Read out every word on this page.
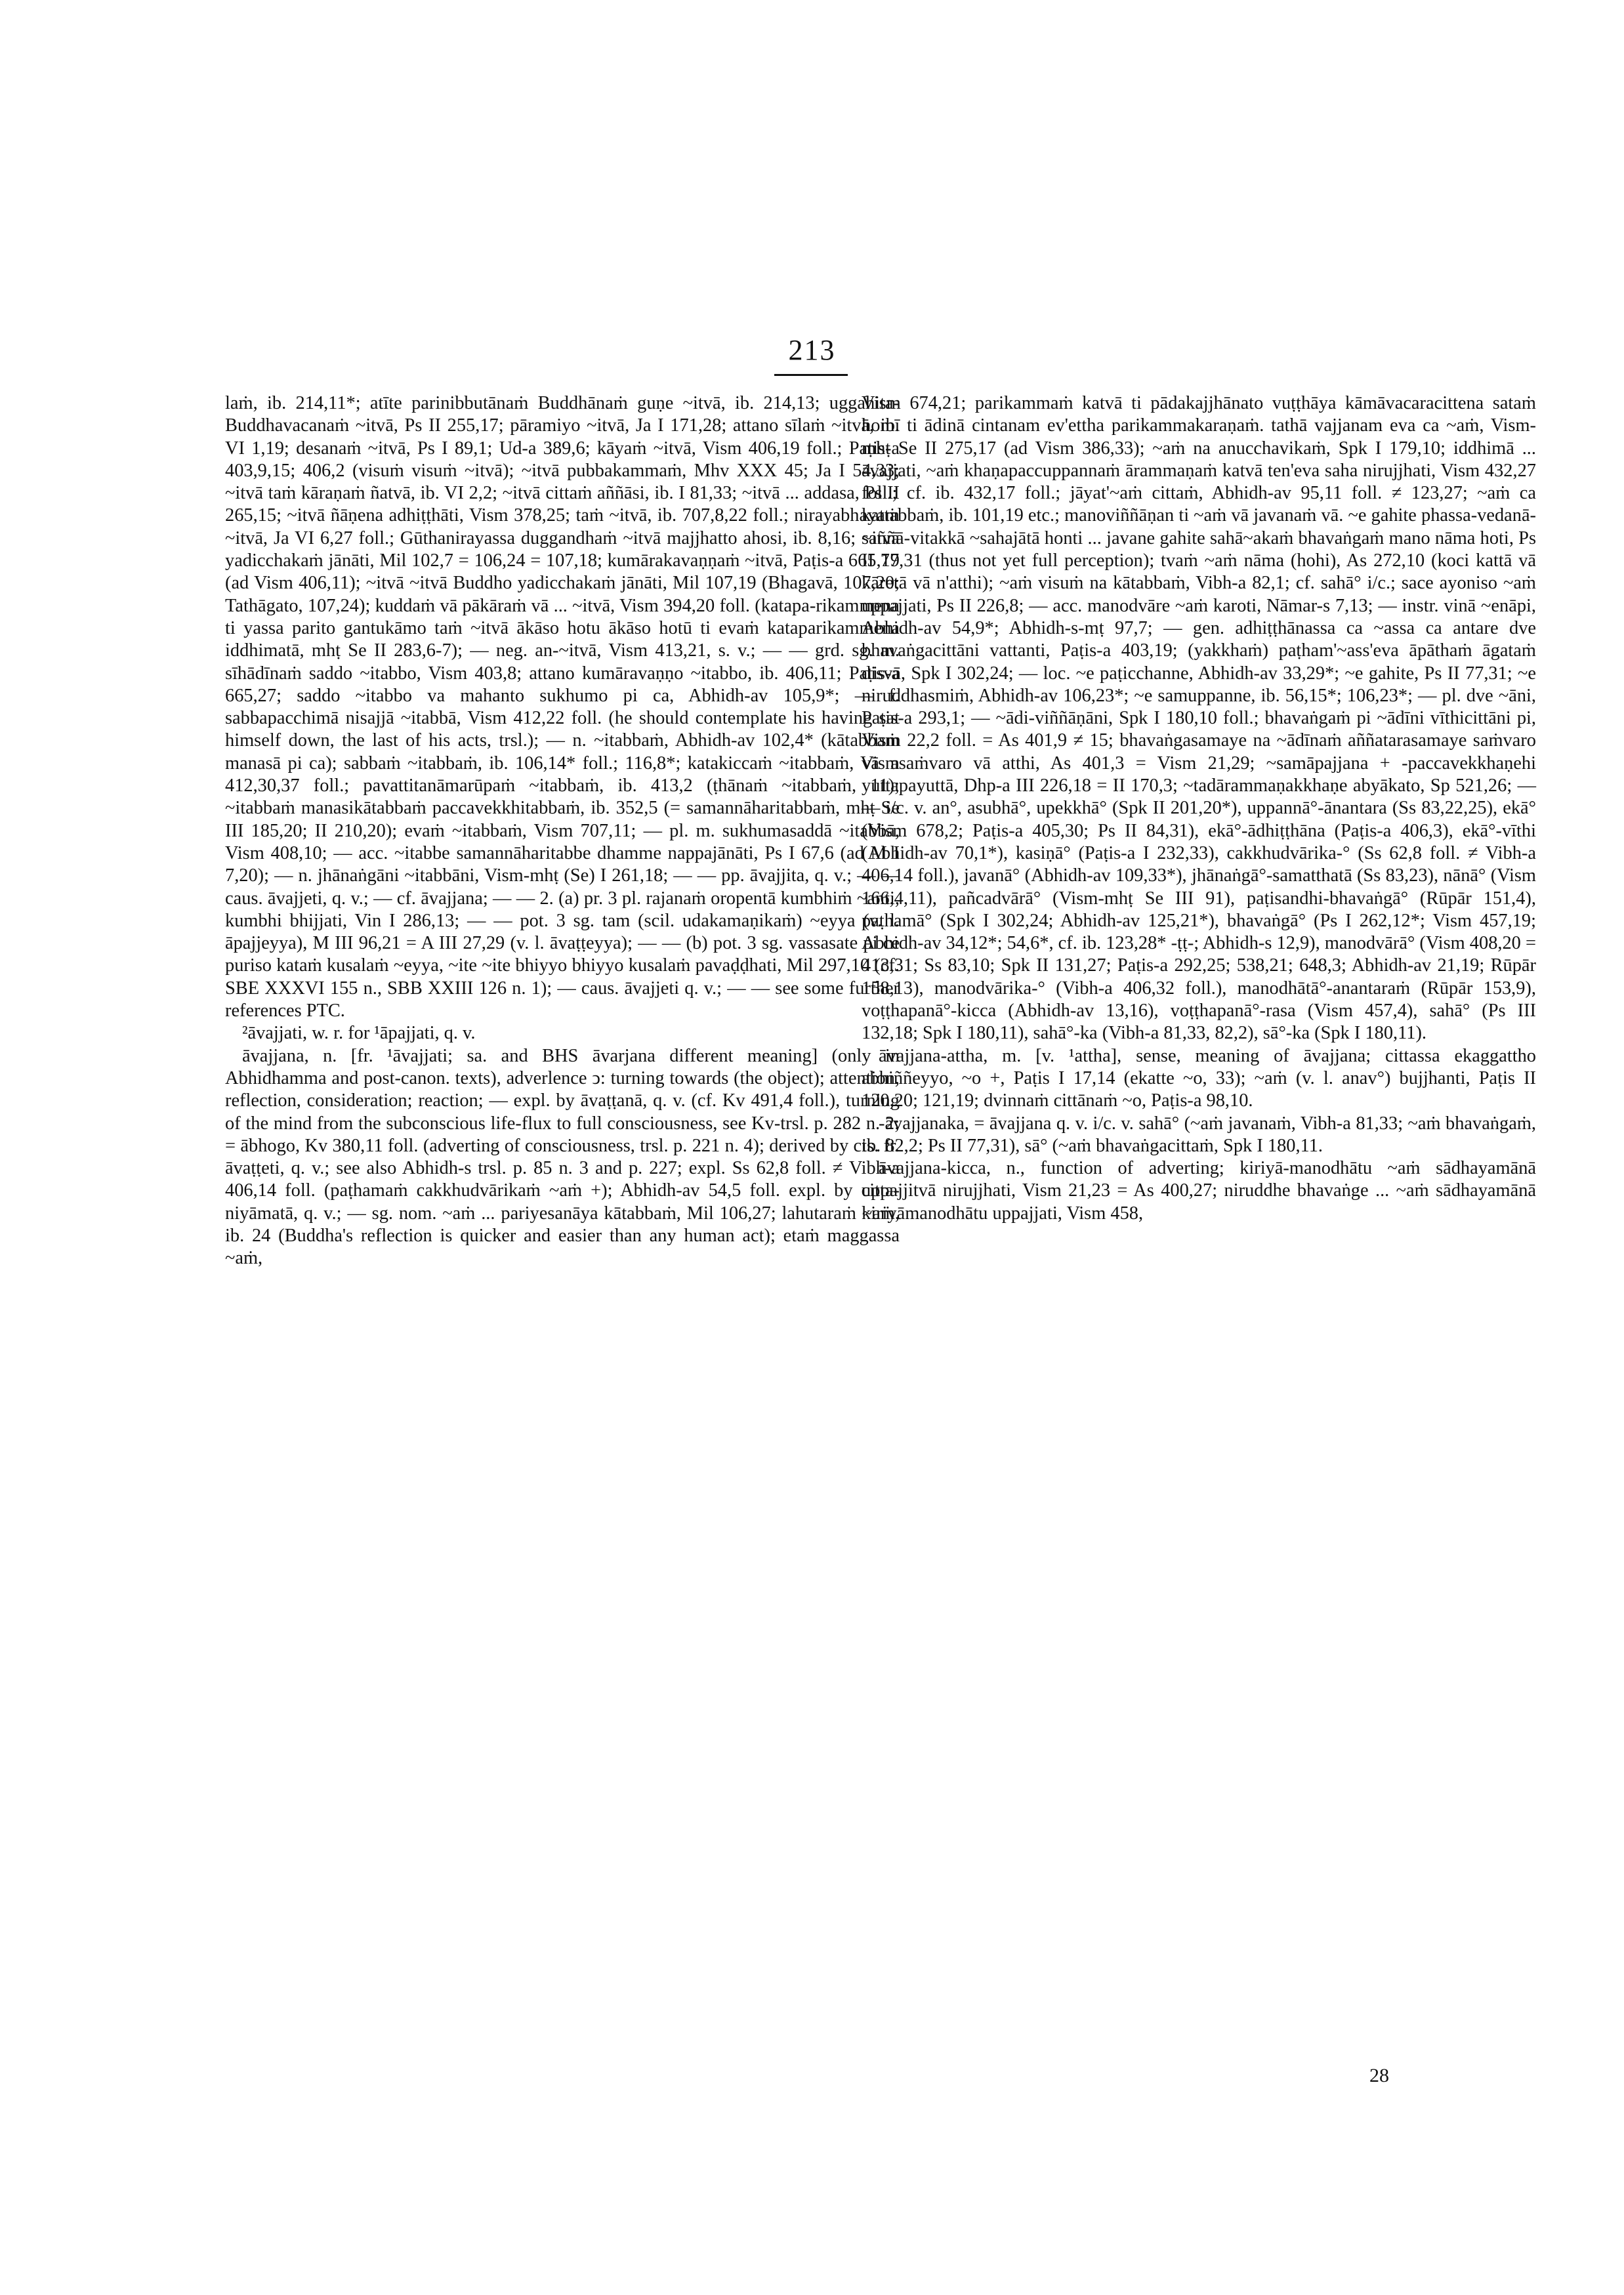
213

laṁ, ib. 214,11*; atīte parinibbutānaṁ Buddhānaṁ guṇe ~itvā, ib. 214,13; uggahita-Buddhavacanaṁ ~itvā, Ps II 255,17; pāramiyo ~itvā, Ja I 171,28; attano sīlaṁ ~itvā, ib. VI 1,19; desanaṁ ~itvā, Ps I 89,1; Ud-a 389,6; kāyaṁ ~itvā, Vism 406,19 foll.; Paṭis-a 403,9,15; 406,2 (visuṁ visuṁ ~itvā); ~itvā pubbakammaṁ, Mhv XXX 45; Ja I 54,33; ~itvā taṁ kāraṇaṁ ñatvā, ib. VI 2,2; ~itvā cittaṁ aññāsi, ib. I 81,33; ~itvā ... addasa, Ps II 265,15; ~itvā ñāṇena adhiṭṭhāti, Vism 378,25; taṁ ~itvā, ib. 707,8,22 foll.; nirayabhayaṁ ~itvā, Ja VI 6,27 foll.; Gūthanirayassa duggandhaṁ ~itvā majjhatto ahosi, ib. 8,16; ~itvā yadicchakaṁ jānāti, Mil 102,7 = 106,24 = 107,18; kumārakavaṇṇaṁ ~itvā, Paṭis-a 665,19 (ad Vism 406,11); ~itvā ~itvā Buddho yadicchakaṁ jānāti, Mil 107,19 (Bhagavā, 107,20; Tathāgato, 107,24); kuddaṁ vā pākāraṁ vā ... ~itvā, Vism 394,20 foll. (katapa-rikammena ti yassa parito gantukāmo taṁ ~itvā ākāso hotu ākāso hotū ti evaṁ kataparikammena iddhimatā, mhṭ Se II 283,6-7); — neg. an-~itvā, Vism 413,21, s. v.; — — grd. sg. m. sīhādīnaṁ saddo ~itabbo, Vism 403,8; attano kumāravaṇṇo ~itabbo, ib. 406,11; Paṭis-a 665,27; saddo ~itabbo va mahanto sukhumo pi ca, Abhidh-av 105,9*; — f. sabbapacchimā nisajjā ~itabbā, Vism 412,22 foll. (he should contemplate his having sat himself down, the last of his acts, trsl.); — n. ~itabbaṁ, Abhidh-av 102,4* (kātabbaṁ manasā pi ca); sabbaṁ ~itabbaṁ, ib. 106,14* foll.; 116,8*; katakiccaṁ ~itabbaṁ, Vism 412,30,37 foll.; pavattitanāmarūpaṁ ~itabbaṁ, ib. 413,2 (ṭhānaṁ ~itabbaṁ, 11); ~itabbaṁ manasikātabbaṁ paccavekkhitabbaṁ, ib. 352,5 (= samannāharitabbaṁ, mhṭ Se III 185,20; II 210,20); evaṁ ~itabbaṁ, Vism 707,11; — pl. m. sukhumasaddā ~itabbā, Vism 408,10; — acc. ~itabbe samannāharitabbe dhamme nappajānāti, Ps I 67,6 (ad M I 7,20); — n. jhānaṅgāni ~itabbāni, Vism-mhṭ (Se) I 261,18; — — pp. āvajjita, q. v.; — — caus. āvajjeti, q. v.; — cf. āvajjana; — — 2. (a) pr. 3 pl. rajanaṁ oropentā kumbhiṁ ~anti, kumbhi bhijjati, Vin I 286,13; — — pot. 3 sg. tam (scil. udakamaṇikaṁ) ~eyya (v. l. āpajjeyya), M III 96,21 = A III 27,29 (v. l. āvaṭṭeyya); — — (b) pot. 3 sg. vassasate pi ce puriso kataṁ kusalaṁ ~eyya, ~ite ~ite bhiyyo bhiyyo kusalaṁ pavaḍḍhati, Mil 297,10 (cf. SBE XXXVI 155 n., SBB XXIII 126 n. 1); — caus. āvajjeti q. v.; — — see some further references PTC.

²āvajjati, w. r. for ¹āpajjati, q. v.

āvajjana, n. [fr. ¹āvajjati; sa. and BHS āvarjana different meaning] (only in Abhidhamma and post-canon. texts), adverlence ↄ: turning towards (the object); attention, reflection, consideration; reaction; — expl. by āvaṭṭanā, q. v. (cf. Kv 491,4 foll.), turning of the mind from the subconscious life-flux to full consciousness, see Kv-trsl. p. 282 n. 2; = ābhogo, Kv 380,11 foll. (adverting of consciousness, trsl. p. 221 n. 4); derived by cts. fr. āvaṭṭeti, q. v.; see also Abhidh-s trsl. p. 85 n. 3 and p. 227; expl. Ss 62,8 foll. ≠ Vibh-a 406,14 foll. (paṭhamaṁ cakkhudvārikaṁ ~aṁ +); Abhidh-av 54,5 foll. expl. by citta-niyāmatā, q. v.; — sg. nom. ~aṁ ... pariyesanāya kātabbaṁ, Mil 106,27; lahutaraṁ ~aṁ, ib. 24 (Buddha's reflection is quicker and easier than any human act); etaṁ maggassa ~aṁ,

Vism 674,21; parikammaṁ katvā ti pādakajjhānato vuṭṭhāya kāmāvacaracittena sataṁ homī ti ādinā cintanam ev'ettha parikammakaraṇaṁ. tathā vajjanam eva ca ~aṁ, Vism-mhṭ Se II 275,17 (ad Vism 386,33); ~aṁ na anucchavikaṁ, Spk I 179,10; iddhimā ... āvajjati, ~aṁ khaṇapaccuppannaṁ ārammaṇaṁ katvā ten'eva saha nirujjhati, Vism 432,27 foll.; cf. ib. 432,17 foll.; jāyat'~aṁ cittaṁ, Abhidh-av 95,11 foll. ≠ 123,27; ~aṁ ca kattabbaṁ, ib. 101,19 etc.; manoviññāṇan ti ~aṁ vā javanaṁ vā. ~e gahite phassa-vedanā-saññā-vitakkā ~sahajātā honti ... javane gahite sahā~akaṁ bhavaṅgaṁ mano nāma hoti, Ps II 77,31 (thus not yet full perception); tvaṁ ~aṁ nāma (hohi), As 272,10 (koci kattā vā kāretā vā n'atthi); ~aṁ visuṁ na kātabbaṁ, Vibh-a 82,1; cf. sahā° i/c.; sace ayoniso ~aṁ uppajjati, Ps II 226,8; — acc. manodvāre ~aṁ karoti, Nāmar-s 7,13; — instr. vinā ~enāpi, Abhidh-av 54,9*; Abhidh-s-mṭ 97,7; — gen. adhiṭṭhānassa ca ~assa ca antare dve bhavaṅgacittāni vattanti, Paṭis-a 403,19; (yakkhaṁ) paṭham'~ass'eva āpāthaṁ āgataṁ disvā, Spk I 302,24; — loc. ~e paṭicchanne, Abhidh-av 33,29*; ~e gahite, Ps II 77,31; ~e niruddhasmiṁ, Abhidh-av 106,23*; ~e samuppanne, ib. 56,15*; 106,23*; — pl. dve ~āni, Paṭis-a 293,1; — ~ādi-viññāṇāni, Spk I 180,10 foll.; bhavaṅgaṁ pi ~ādīni vīthicittāni pi, Vism 22,2 foll. = As 401,9 ≠ 15; bhavaṅgasamaye na ~ādīnaṁ aññatarasamaye saṁvaro vā asaṁvaro vā atthi, As 401,3 = Vism 21,29; ~samāpajjana + -paccavekkhaṇehi yuttapayuttā, Dhp-a III 226,18 = II 170,3; ~tadārammaṇakkhaṇe abyākato, Sp 521,26; — — i/c. v. an°, asubhā°, upekkhā° (Spk II 201,20*), uppannā°-ānantara (Ss 83,22,25), ekā° (Vism 678,2; Paṭis-a 405,30; Ps II 84,31), ekā°-ādhiṭṭhāna (Paṭis-a 406,3), ekā°-vīthi (Abhidh-av 70,1*), kasiṇā° (Paṭis-a I 232,33), cakkhudvārika-° (Ss 62,8 foll. ≠ Vibh-a 406,14 foll.), javanā° (Abhidh-av 109,33*), jhānaṅgā°-samatthatā (Ss 83,23), nānā° (Vism 166,4,11), pañcadvārā° (Vism-mhṭ Se III 91), paṭisandhi-bhavaṅgā° (Rūpār 151,4), paṭhamā° (Spk I 302,24; Abhidh-av 125,21*), bhavaṅgā° (Ps I 262,12*; Vism 457,19; Abhidh-av 34,12*; 54,6*, cf. ib. 123,28* -ṭṭ-; Abhidh-s 12,9), manodvārā° (Vism 408,20 = 413,31; Ss 83,10; Spk II 131,27; Paṭis-a 292,25; 538,21; 648,3; Abhidh-av 21,19; Rūpār 158,13), manodvārika-° (Vibh-a 406,32 foll.), manodhātā°-anantaraṁ (Rūpār 153,9), voṭṭhapanā°-kicca (Abhidh-av 13,16), voṭṭhapanā°-rasa (Vism 457,4), sahā° (Ps III 132,18; Spk I 180,11), sahā°-ka (Vibh-a 81,33, 82,2), sā°-ka (Spk I 180,11).

āvajjana-attha, m. [v. ¹attha], sense, meaning of āvajjana; cittassa ekaggattho abhiññeyyo, ~o +, Paṭis I 17,14 (ekatte ~o, 33); ~aṁ (v. l. anav°) bujjhanti, Paṭis II 120,20; 121,19; dvinnaṁ cittānaṁ ~o, Paṭis-a 98,10.

-āvajjanaka, = āvajjana q. v. i/c. v. sahā° (~aṁ javanaṁ, Vibh-a 81,33; ~aṁ bhavaṅgaṁ, ib. 82,2; Ps II 77,31), sā° (~aṁ bhavaṅgacittaṁ, Spk I 180,11.

āvajjana-kicca, n., function of adverting; kiriyā-manodhātu ~aṁ sādhayamānā uppajjitvā nirujjhati, Vism 21,23 = As 400,27; niruddhe bhavaṅge ... ~aṁ sādhayamānā kiriyāmanodhātu uppajjati, Vism 458,

28
